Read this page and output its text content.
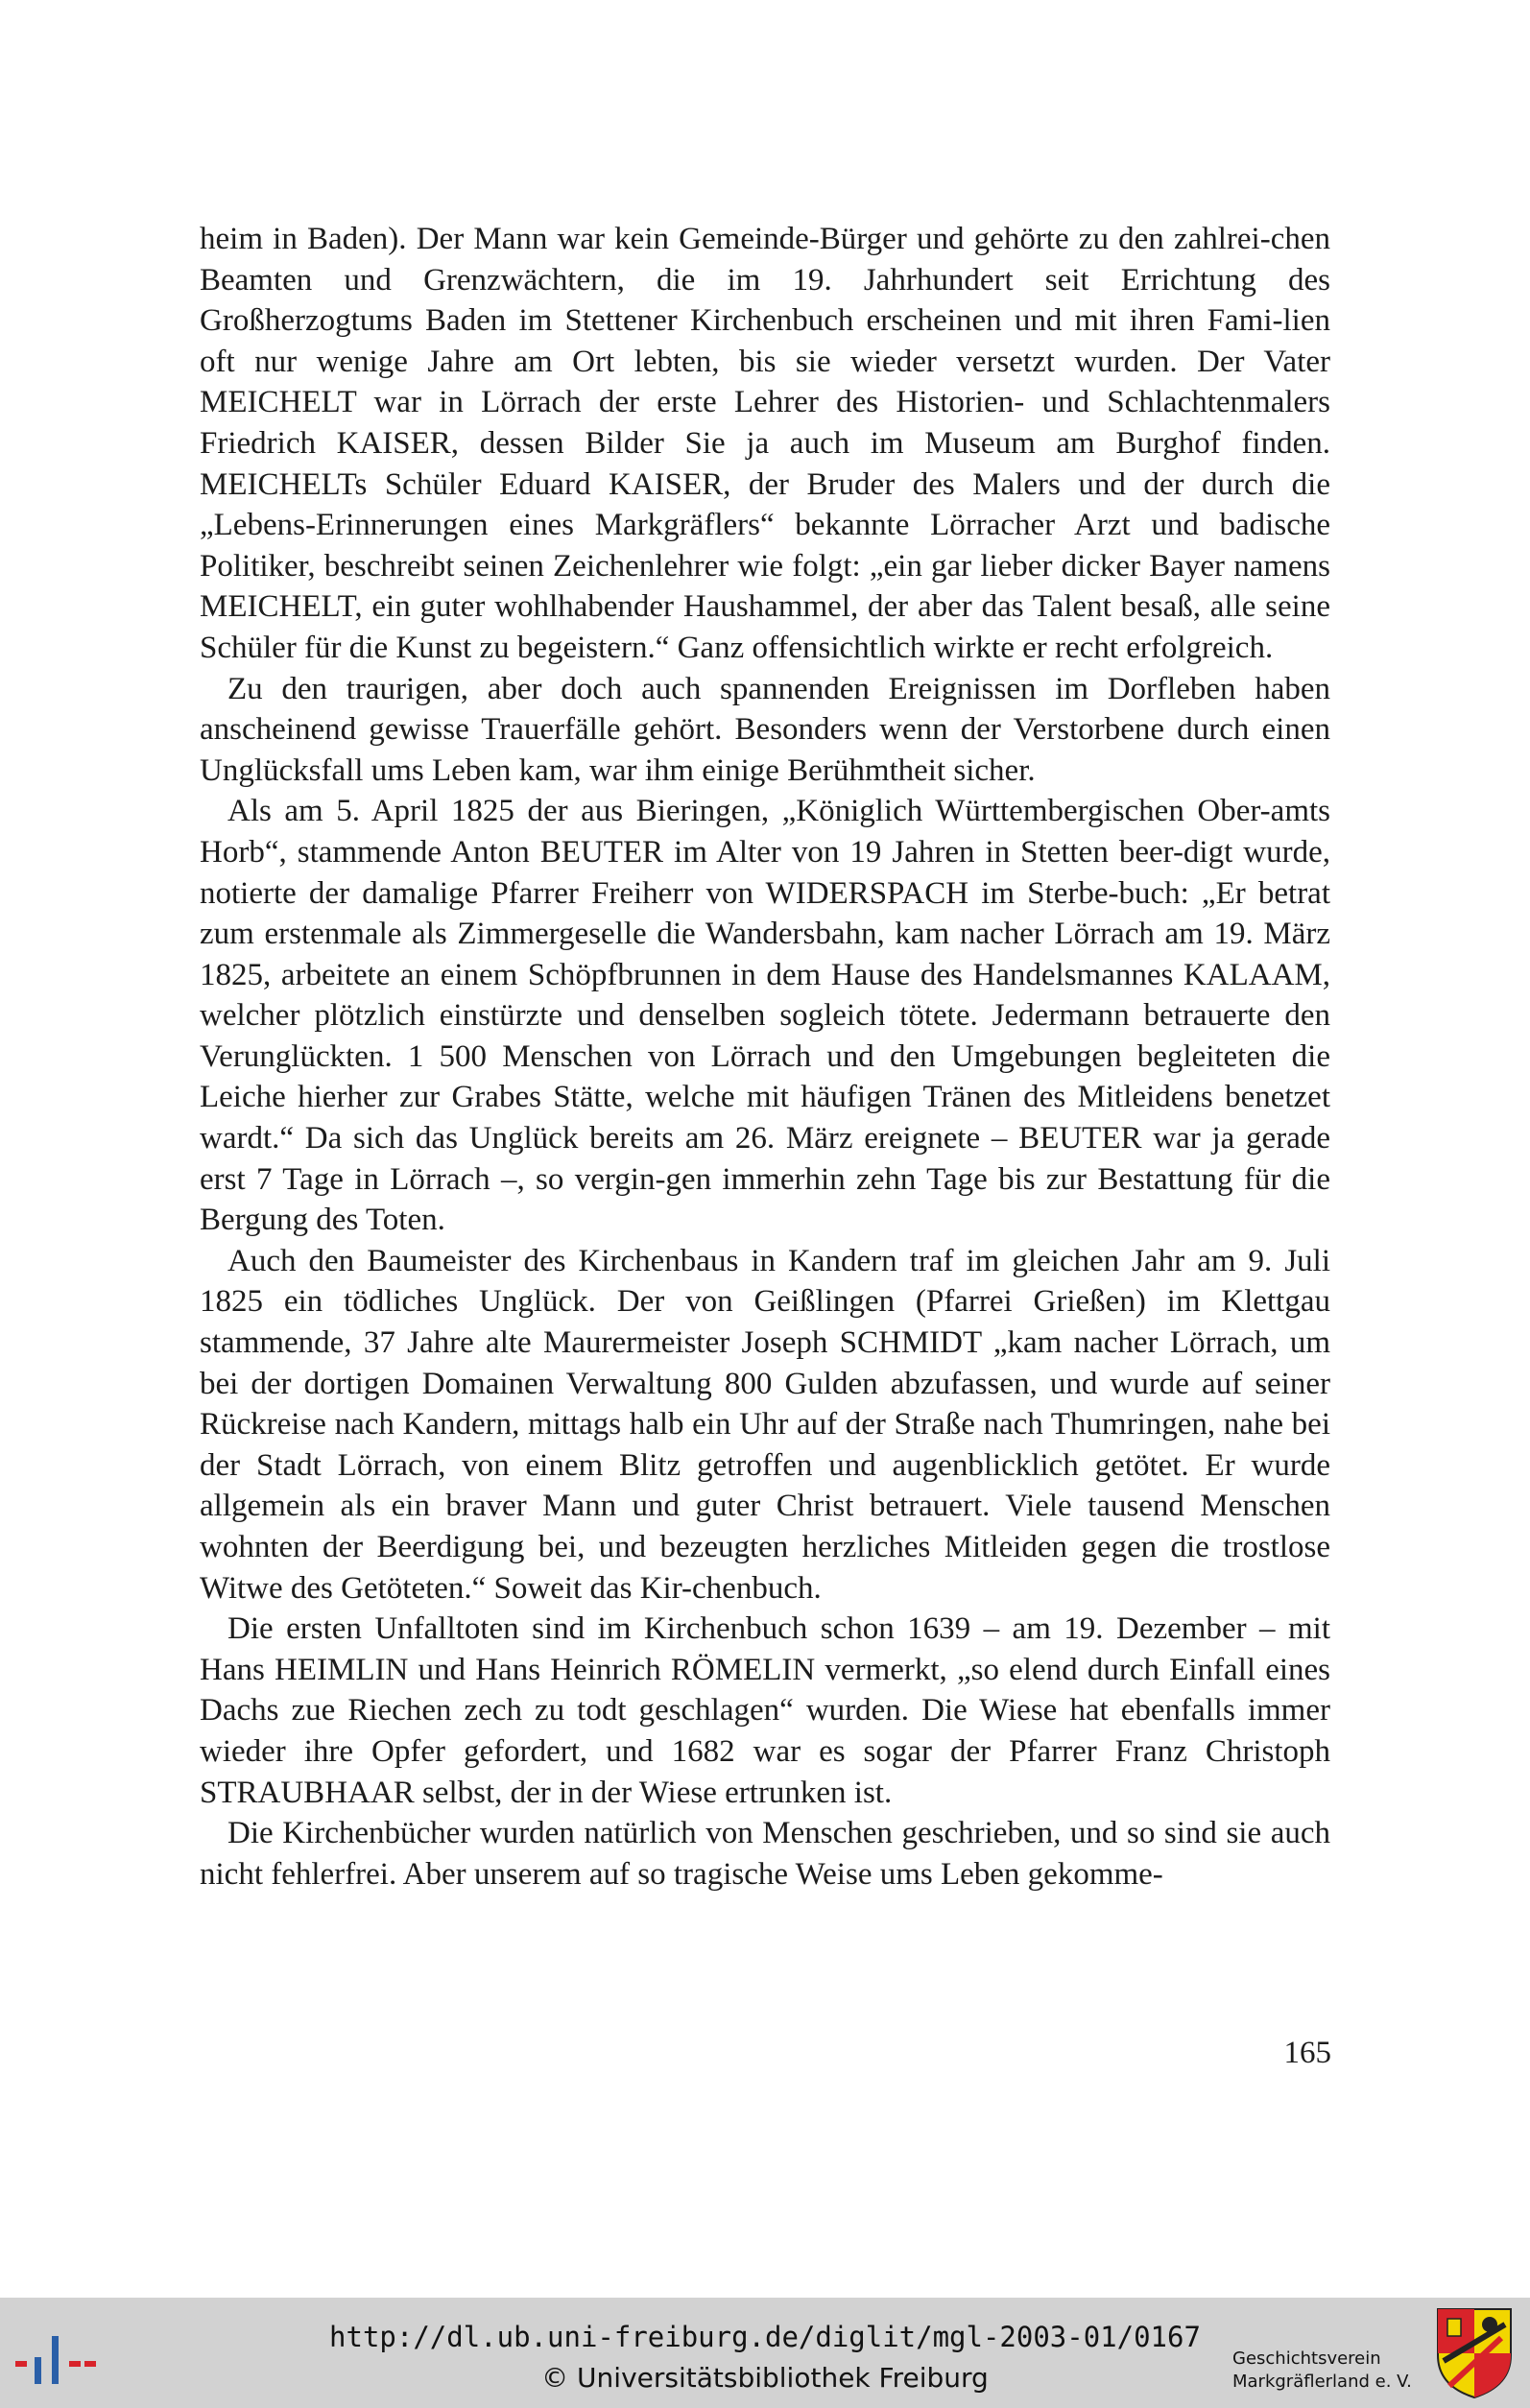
heim in Baden). Der Mann war kein Gemeinde-Bürger und gehörte zu den zahlrei-chen Beamten und Grenzwächtern, die im 19. Jahrhundert seit Errichtung des Großherzogtums Baden im Stettener Kirchenbuch erscheinen und mit ihren Fami-lien oft nur wenige Jahre am Ort lebten, bis sie wieder versetzt wurden. Der Vater MEICHELT war in Lörrach der erste Lehrer des Historien- und Schlachtenmalers Friedrich KAISER, dessen Bilder Sie ja auch im Museum am Burghof finden. MEICHELTs Schüler Eduard KAISER, der Bruder des Malers und der durch die „Lebens-Erinnerungen eines Markgräflers“ bekannte Lörracher Arzt und badische Politiker, beschreibt seinen Zeichenlehrer wie folgt: „ein gar lieber dicker Bayer namens MEICHELT, ein guter wohlhabender Haushammel, der aber das Talent besaß, alle seine Schüler für die Kunst zu begeistern.“ Ganz offensichtlich wirkte er recht erfolgreich.

Zu den traurigen, aber doch auch spannenden Ereignissen im Dorfleben haben anscheinend gewisse Trauerfälle gehört. Besonders wenn der Verstorbene durch einen Unglücksfall ums Leben kam, war ihm einige Berühmtheit sicher.

Als am 5. April 1825 der aus Bieringen, „Königlich Württembergischen Ober-amts Horb“, stammende Anton BEUTER im Alter von 19 Jahren in Stetten beer-digt wurde, notierte der damalige Pfarrer Freiherr von WIDERSPACH im Sterbe-buch: „Er betrat zum erstenmale als Zimmergeselle die Wandersbahn, kam nacher Lörrach am 19. März 1825, arbeitete an einem Schöpfbrunnen in dem Hause des Handelsmannes KALAAM, welcher plötzlich einstürzte und denselben sogleich tötete. Jedermann betrauerte den Verunglückten. 1 500 Menschen von Lörrach und den Umgebungen begleiteten die Leiche hierher zur Grabes Stätte, welche mit häufigen Tränen des Mitleidens benetzet wardt.“ Da sich das Unglück bereits am 26. März ereignete – BEUTER war ja gerade erst 7 Tage in Lörrach –, so vergin-gen immerhin zehn Tage bis zur Bestattung für die Bergung des Toten.

Auch den Baumeister des Kirchenbaus in Kandern traf im gleichen Jahr am 9. Juli 1825 ein tödliches Unglück. Der von Geißlingen (Pfarrei Grießen) im Klettgau stammende, 37 Jahre alte Maurermeister Joseph SCHMIDT „kam nacher Lörrach, um bei der dortigen Domainen Verwaltung 800 Gulden abzufassen, und wurde auf seiner Rückreise nach Kandern, mittags halb ein Uhr auf der Straße nach Thumringen, nahe bei der Stadt Lörrach, von einem Blitz getroffen und augenblicklich getötet. Er wurde allgemein als ein braver Mann und guter Christ betrauert. Viele tausend Menschen wohnten der Beerdigung bei, und bezeugten herzliches Mitleiden gegen die trostlose Witwe des Getöteten.“ Soweit das Kir-chenbuch.

Die ersten Unfalltoten sind im Kirchenbuch schon 1639 – am 19. Dezember – mit Hans HEIMLIN und Hans Heinrich RÖMELIN vermerkt, „so elend durch Einfall eines Dachs zue Riechen zech zu todt geschlagen“ wurden. Die Wiese hat ebenfalls immer wieder ihre Opfer gefordert, und 1682 war es sogar der Pfarrer Franz Christoph STRAUBHAAR selbst, der in der Wiese ertrunken ist.

Die Kirchenbücher wurden natürlich von Menschen geschrieben, und so sind sie auch nicht fehlerfrei. Aber unserem auf so tragische Weise ums Leben gekomme-

165
http://dl.ub.uni-freiburg.de/diglit/mgl-2003-01/0167
© Universitätsbibliothek Freiburg
Geschichtsverein
Markgräflerland e. V.
